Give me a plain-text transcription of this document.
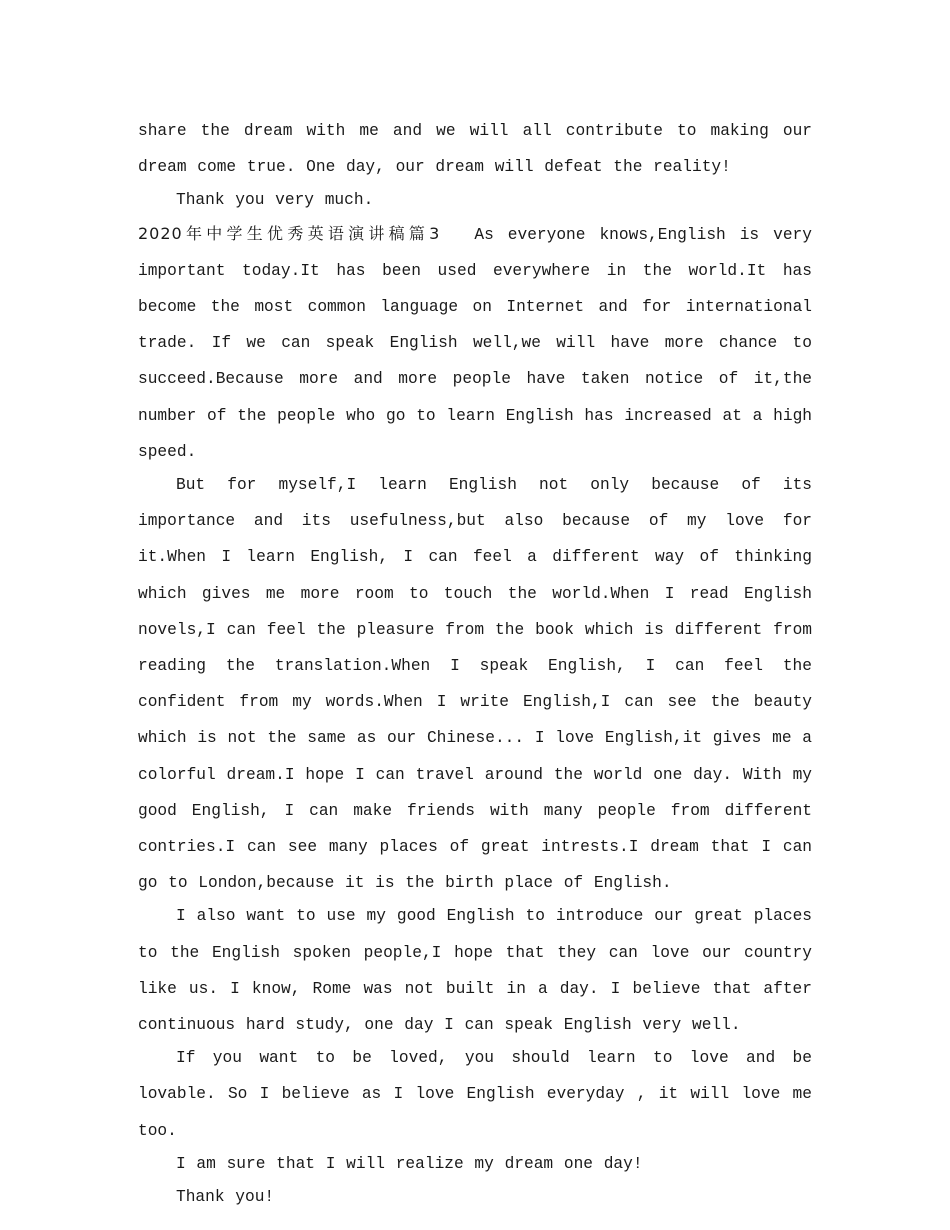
share the dream with me and we will all contribute to making our dream come true. One day, our dream will defeat the reality!

Thank you very much.

2020年中学生优秀英语演讲稿篇3 As everyone knows,English is very important today.It has been used everywhere in the world.It has become the most common language on Internet and for international trade. If we can speak English well,we will have more chance to succeed.Because more and more people have taken notice of it,the number of the people who go to learn English has increased at a high speed.

But for myself,I learn English not only because of its importance and its usefulness,but also because of my love for it.When I learn English, I can feel a different way of thinking which gives me more room to touch the world.When I read English novels,I can feel the pleasure from the book which is different from reading the translation.When I speak English, I can feel the confident from my words.When I write English,I can see the beauty which is not the same as our Chinese... I love English,it gives me a colorful dream.I hope I can travel around the world one day. With my good English, I can make friends with many people from different contries.I can see many places of great intrests.I dream that I can go to London,because it is the birth place of English.

I also want to use my good English to introduce our great places to the English spoken people,I hope that they can love our country like us. I know, Rome was not built in a day. I believe that after continuous hard study, one day I can speak English very well.

If you want to be loved, you should learn to love and be lovable. So I believe as I love English everyday , it will love me too.

I am sure that I will realize my dream one day!

Thank you!
